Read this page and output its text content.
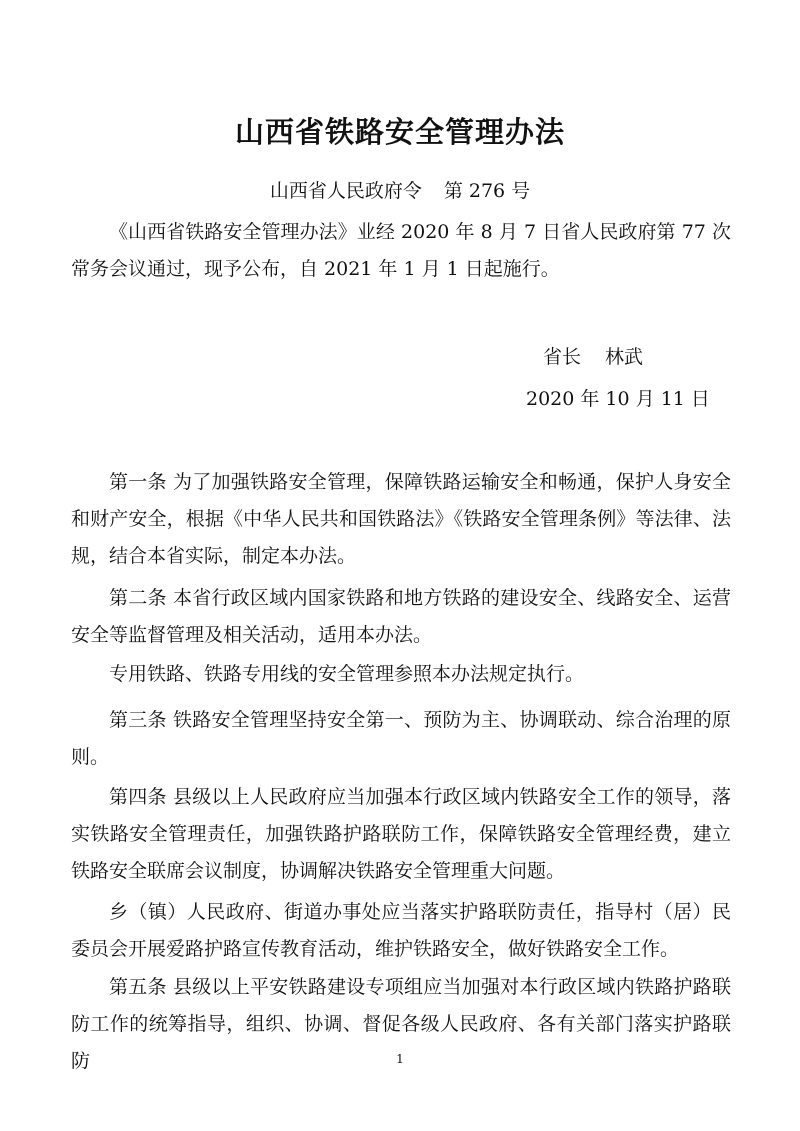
山西省铁路安全管理办法

山西省人民政府令 第 276 号

《山西省铁路安全管理办法》业经 2020 年 8 月 7 日省人民政府第 77 次常务会议通过，现予公布，自 2021 年 1 月 1 日起施行。

省长 林武

2020 年 10 月 11 日

第一条 为了加强铁路安全管理，保障铁路运输安全和畅通，保护人身安全和财产安全，根据《中华人民共和国铁路法》《铁路安全管理条例》等法律、法规，结合本省实际，制定本办法。

第二条 本省行政区域内国家铁路和地方铁路的建设安全、线路安全、运营安全等监督管理及相关活动，适用本办法。

专用铁路、铁路专用线的安全管理参照本办法规定执行。

第三条 铁路安全管理坚持安全第一、预防为主、协调联动、综合治理的原则。

第四条 县级以上人民政府应当加强本行政区域内铁路安全工作的领导，落实铁路安全管理责任，加强铁路护路联防工作，保障铁路安全管理经费，建立铁路安全联席会议制度，协调解决铁路安全管理重大问题。

乡（镇）人民政府、街道办事处应当落实护路联防责任，指导村（居）民委员会开展爱路护路宣传教育活动，维护铁路安全，做好铁路安全工作。

第五条 县级以上平安铁路建设专项组应当加强对本行政区域内铁路护路联防工作的统筹指导，组织、协调、督促各级人民政府、各有关部门落实护路联防	1
